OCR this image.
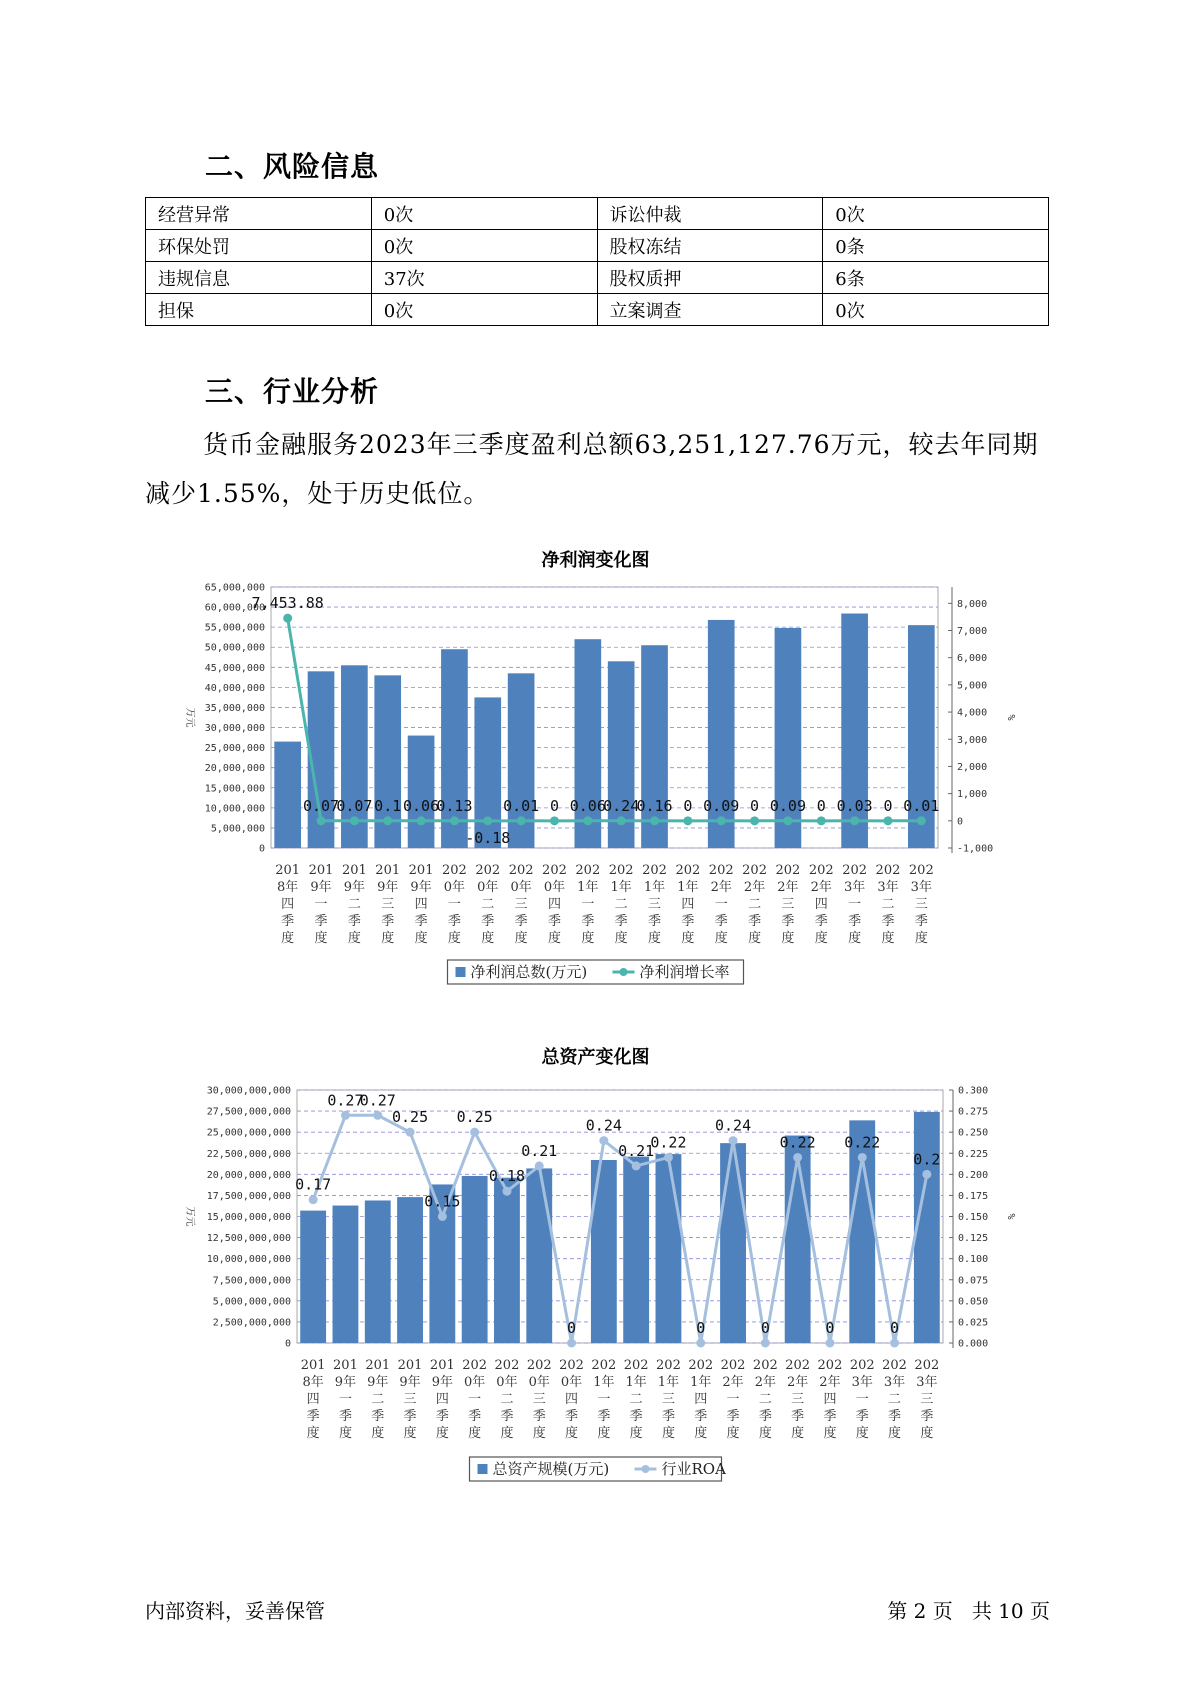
二、风险信息
经营异常	0次	诉讼仲裁	0次
环保处罚	0次	股权冻结	0条
违规信息	37次	股权质押	6条
担保	0次	立案调查	0次
三、行业分析

货币金融服务2023年三季度盈利总额63,251,127.76万元，较去年同期减少1.55%，处于历史低位。

净利润变化图
0
5,000,000
10,000,000
15,000,000
20,000,000
25,000,000
30,000,000
35,000,000
40,000,000
45,000,000
50,000,000
55,000,000
60,000,000
65,000,000
-1,000
0
1,000
2,000
3,000
4,000
5,000
6,000
7,000
8,000
万元	%
7,453.88
0.07
0.07 0.1 0.06
0.13
-0.18
0.01 0 0.06
0.24
0.16 0 0.09 0 0.09 0 0.03 0 0.01
201 8年四季度
201 9年一季度
201 9年二季度
201 9年三季度
201 9年四季度
202 0年一季度
202 0年二季度
202 0年三季度
202 0年四季度
202 1年一季度
202 1年二季度
202 1年三季度
202 1年四季度
202 2年一季度
202 2年二季度
202 2年三季度
202 2年四季度
202 3年一季度
202 3年二季度
202 3年三季度
净利润总数(万元)	净利润增长率
总资产变化图
0
2,500,000,000
5,000,000,000
7,500,000,000
10,000,000,000
12,500,000,000
15,000,000,000
17,500,000,000
20,000,000,000
22,500,000,000
25,000,000,000
27,500,000,000
30,000,000,000
0.000
0.025
0.050
0.075
0.100
0.125
0.150
0.175
0.200
0.225
0.250
0.275
0.300
万元	%
0.17
0.27
0.27
0.25
0.15
0.25
0.18
0.21
0
0.24
0.21
0.22
0
0.24
0
0.22
0
0.22
0
0.2
201 8年四季度
201 9年一季度
201 9年二季度
201 9年三季度
201 9年四季度
202 0年一季度
202 0年二季度
202 0年三季度
202 0年四季度
202 1年一季度
202 1年二季度
202 1年三季度
202 1年四季度
202 2年一季度
202 2年二季度
202 2年三季度
202 2年四季度
202 3年一季度
202 3年二季度
202 3年三季度
总资产规模(万元)	行业ROA
内部资料，妥善保管	第 2 页   共 10 页
